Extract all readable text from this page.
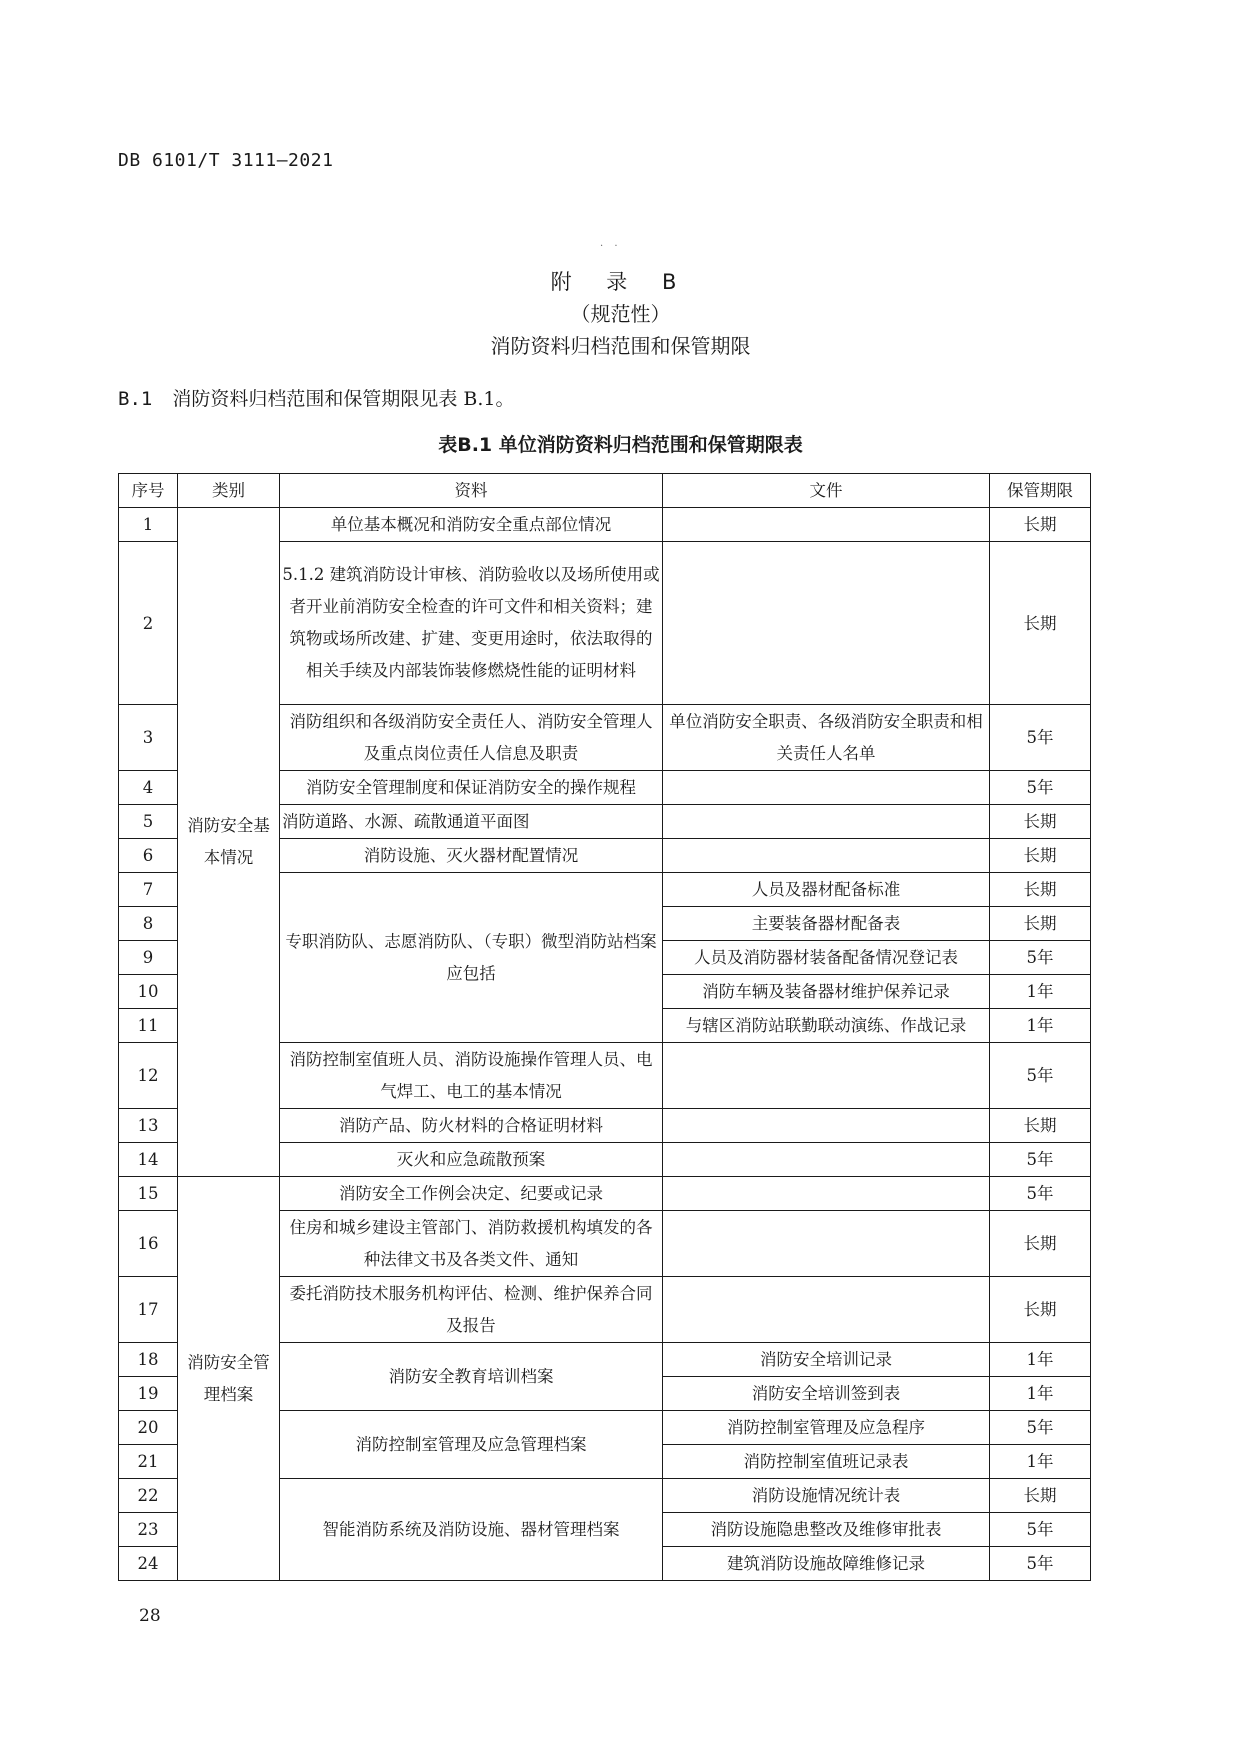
DB 6101/T 3111—2021
. .
附 录 B
（规范性）
消防资料归档范围和保管期限
B.1 消防资料归档范围和保管期限见表 B.1。
表B.1 单位消防资料归档范围和保管期限表
序号	类别	资料	文件	保管期限
1	消防安全基本情况	单位基本概况和消防安全重点部位情况		长期
2		5.1.2 建筑消防设计审核、消防验收以及场所使用或者开业前消防安全检查的许可文件和相关资料；建筑物或场所改建、扩建、变更用途时，依法取得的相关手续及内部装饰装修燃烧性能的证明材料		长期
3		消防组织和各级消防安全责任人、消防安全管理人及重点岗位责任人信息及职责	单位消防安全职责、各级消防安全职责和相关责任人名单	5年
4		消防安全管理制度和保证消防安全的操作规程		5年
5		消防道路、水源、疏散通道平面图		长期
6		消防设施、灭火器材配置情况		长期
7		专职消防队、志愿消防队、（专职）微型消防站档案应包括	人员及器材配备标准	长期
8			主要装备器材配备表	长期
9			人员及消防器材装备配备情况登记表	5年
10			消防车辆及装备器材维护保养记录	1年
11			与辖区消防站联勤联动演练、作战记录	1年
12		消防控制室值班人员、消防设施操作管理人员、电气焊工、电工的基本情况		5年
13		消防产品、防火材料的合格证明材料		长期
14		灭火和应急疏散预案		5年
15	消防安全管理档案	消防安全工作例会决定、纪要或记录		5年
16		住房和城乡建设主管部门、消防救援机构填发的各种法律文书及各类文件、通知		长期
17		委托消防技术服务机构评估、检测、维护保养合同及报告		长期
18		消防安全教育培训档案	消防安全培训记录	1年
19			消防安全培训签到表	1年
20		消防控制室管理及应急管理档案	消防控制室管理及应急程序	5年
21			消防控制室值班记录表	1年
22		智能消防系统及消防设施、器材管理档案	消防设施情况统计表	长期
23			消防设施隐患整改及维修审批表	5年
24			建筑消防设施故障维修记录	5年
28
